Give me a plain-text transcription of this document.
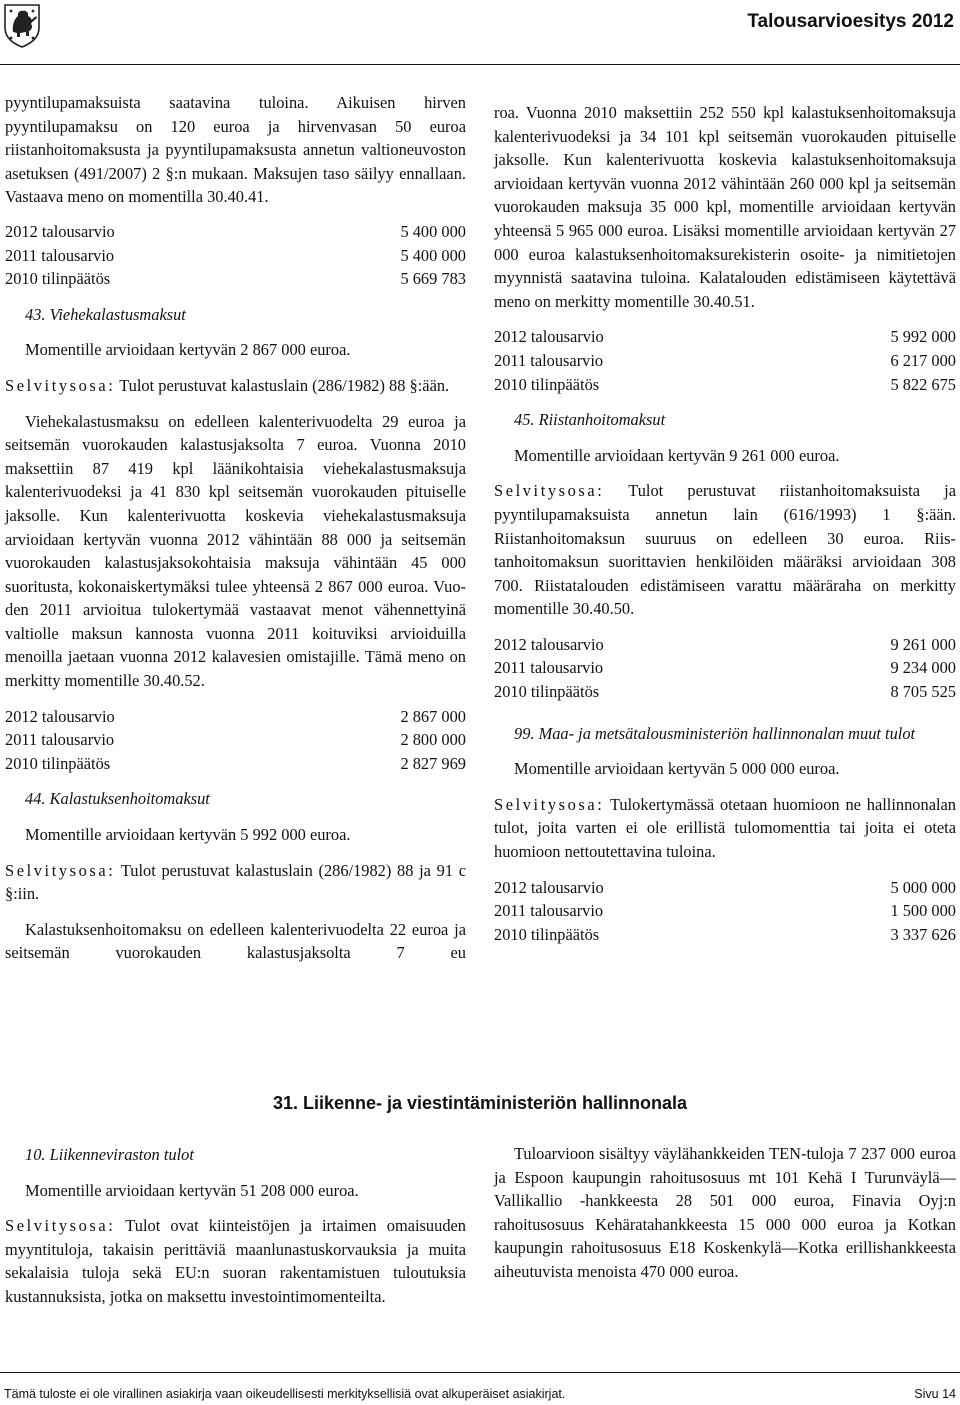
Talousarvioesitys 2012

pyyntilupamaksuista saatavina tuloina. Aikuisen hirven pyyntilupamaksu on 120 euroa ja hirvenvasan 50 euroa riistanhoitomaksusta ja pyyntilupamaksusta annetun valtioneuvoston asetuksen (491/2007) 2 §:n mukaan. Maksujen taso säilyy ennallaan. Vastaava meno on momentilla 30.40.41.

2012 talousarvio	5 400 000
2011 talousarvio	5 400 000
2010 tilinpäätös	5 669 783

43. Viehekalastusmaksut

Momentille arvioidaan kertyvän 2 867 000 euroa.

Selvitysosa: Tulot perustuvat kalastuslain (286/1982) 88 §:ään.

Viehekalastusmaksu on edelleen kalenterivuodelta 29 euroa ja seitsemän vuorokauden kalastusjaksolta 7 euroa. Vuonna 2010 maksettiin 87 419 kpl läänikohtaisia viehekalastusmaksuja kalenterivuodeksi ja 41 830 kpl seitsemän vuorokauden pituiselle jaksolle. Kun kalenterivuotta koskevia viehekalastusmaksuja arvioidaan kertyvän vuonna 2012 vähintään 88 000 ja seitsemän vuorokauden kalastusjaksokohtaisia maksuja vähintään 45 000 suoritusta, kokonaiskertymäksi tulee yhteensä 2 867 000 euroa. Vuoden 2011 arvioitua tulokertymää vastaavat menot vähennettyinä valtiolle maksun kannosta vuonna 2011 koituviksi arvioiduilla menoilla jaetaan vuonna 2012 kalavesien omistajille. Tämä meno on merkitty momentille 30.40.52.

2012 talousarvio	2 867 000
2011 talousarvio	2 800 000
2010 tilinpäätös	2 827 969

44. Kalastuksenhoitomaksut

Momentille arvioidaan kertyvän 5 992 000 euroa.

Selvitysosa: Tulot perustuvat kalastuslain (286/1982) 88 ja 91 c §:iin.

Kalastuksenhoitomaksu on edelleen kalenterivuodelta 22 euroa ja seitsemän vuorokauden kalastusjaksolta 7 eu

roa. Vuonna 2010 maksettiin 252 550 kpl kalastuksenhoitomaksuja kalenterivuodeksi ja 34 101 kpl seitsemän vuorokauden pituiselle jaksolle. Kun kalenterivuotta koskevia kalastuksenhoitomaksuja arvioidaan kertyvän vuonna 2012 vähintään 260 000 kpl ja seitsemän vuorokauden maksuja 35 000 kpl, momentille arvioidaan kertyvän yhteensä 5 965 000 euroa. Lisäksi momentille arvioidaan kertyvän 27 000 euroa kalastuksenhoitomaksurekisterin osoite- ja nimitietojen myynnistä saatavina tuloina. Kalatalouden edistämiseen käytettävä meno on merkitty momentille 30.40.51.

2012 talousarvio	5 992 000
2011 talousarvio	6 217 000
2010 tilinpäätös	5 822 675

45. Riistanhoitomaksut

Momentille arvioidaan kertyvän 9 261 000 euroa.

Selvitysosa: Tulot perustuvat riistanhoitomaksuista ja pyyntilupamaksuista annetun lain (616/1993) 1 §:ään. Riistanhoitomaksun suuruus on edelleen 30 euroa. Riistanhoitomaksun suorittavien henkilöiden määräksi arvioidaan 308 700. Riistatalouden edistämiseen varattu määräraha on merkitty momentille 30.40.50.

2012 talousarvio	9 261 000
2011 talousarvio	9 234 000
2010 tilinpäätös	8 705 525

99. Maa- ja metsätalousministeriön hallinnonalan muut tulot

Momentille arvioidaan kertyvän 5 000 000 euroa.

Selvitysosa: Tulokertymässä otetaan huomioon ne hallinnonalan tulot, joita varten ei ole erillistä tulomomenttia tai joita ei oteta huomioon nettoutettavina tuloina.

2012 talousarvio	5 000 000
2011 talousarvio	1 500 000
2010 tilinpäätös	3 337 626
31. Liikenne- ja viestintäministeriön hallinnonala

10. Liikenneviraston tulot

Momentille arvioidaan kertyvän 51 208 000 euroa.

Selvitysosa: Tulot ovat kiinteistöjen ja irtaimen omaisuuden myyntituloja, takaisin perittäviä maanlunastuskorvauksia ja muita sekalaisia tuloja sekä EU:n suoran rakentamistuen tuloutuksia kustannuksista, jotka on maksettu investointimomenteilta.

Tuloarvioon sisältyy väylähankkeiden TEN-tuloja 7 237 000 euroa ja Espoon kaupungin rahoitusosuus mt 101 Kehä I Turunväylä—Vallikallio -hankkeesta 28 501 000 euroa, Finavia Oyj:n rahoitusosuus Kehäratahankkeesta 15 000 000 euroa ja Kotkan kaupungin rahoitusosuus E18 Koskenkylä—Kotka erillishankkeesta aiheutuvista menoista 470 000 euroa.

Tämä tuloste ei ole virallinen asiakirja vaan oikeudellisesti merkityksellisiä ovat alkuperäiset asiakirjat.	Sivu 14
